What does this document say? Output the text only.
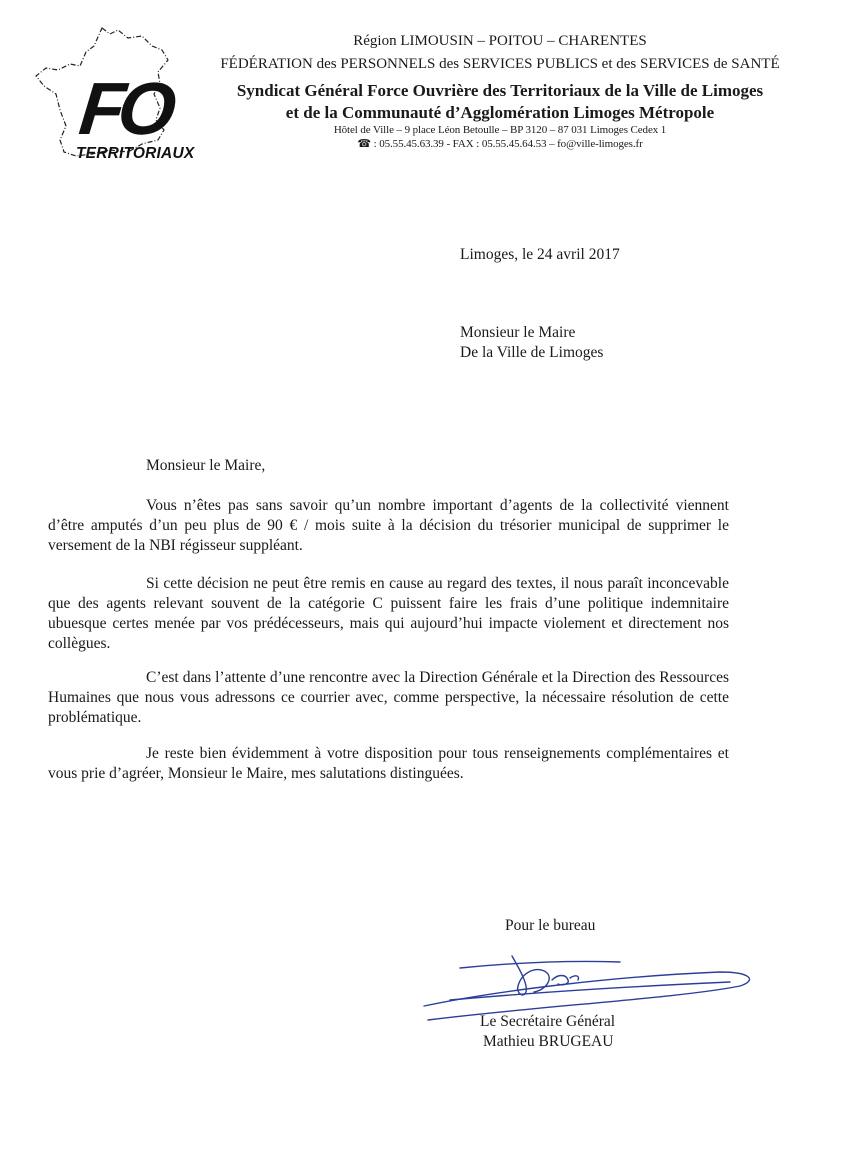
FO
TERRITORIAUX
Région LIMOUSIN – POITOU – CHARENTES
FÉDÉRATION des PERSONNELS des SERVICES PUBLICS et des SERVICES de SANTÉ
Syndicat Général Force Ouvrière des Territoriaux de la Ville de Limoges
et de la Communauté d’Agglomération Limoges Métropole
Hôtel de Ville – 9 place Léon Betoulle – BP 3120 – 87 031 Limoges Cedex 1
☎ : 05.55.45.63.39 - FAX : 05.55.45.64.53 – fo@ville-limoges.fr
Limoges, le 24 avril 2017
Monsieur le Maire
De la Ville de Limoges
Monsieur le Maire,

Vous n’êtes pas sans savoir qu’un nombre important d’agents de la collectivité viennent d’être amputés d’un peu plus de 90 € / mois suite à la décision du trésorier municipal de supprimer le versement de la NBI régisseur suppléant.

Si cette décision ne peut être remis en cause au regard des textes, il nous paraît inconcevable que des agents relevant souvent de la catégorie C puissent faire les frais d’une politique indemnitaire ubuesque certes menée par vos prédécesseurs, mais qui aujourd’hui impacte violement et directement nos collègues.

C’est dans l’attente d’une rencontre avec la Direction Générale et la Direction des Ressources Humaines que nous vous adressons ce courrier avec, comme perspective, la nécessaire résolution de cette problématique.

Je reste bien évidemment à votre disposition pour tous renseignements complémentaires et vous prie d’agréer, Monsieur le Maire, mes salutations distinguées.

Pour le bureau
Le Secrétaire Général
Mathieu BRUGEAU
